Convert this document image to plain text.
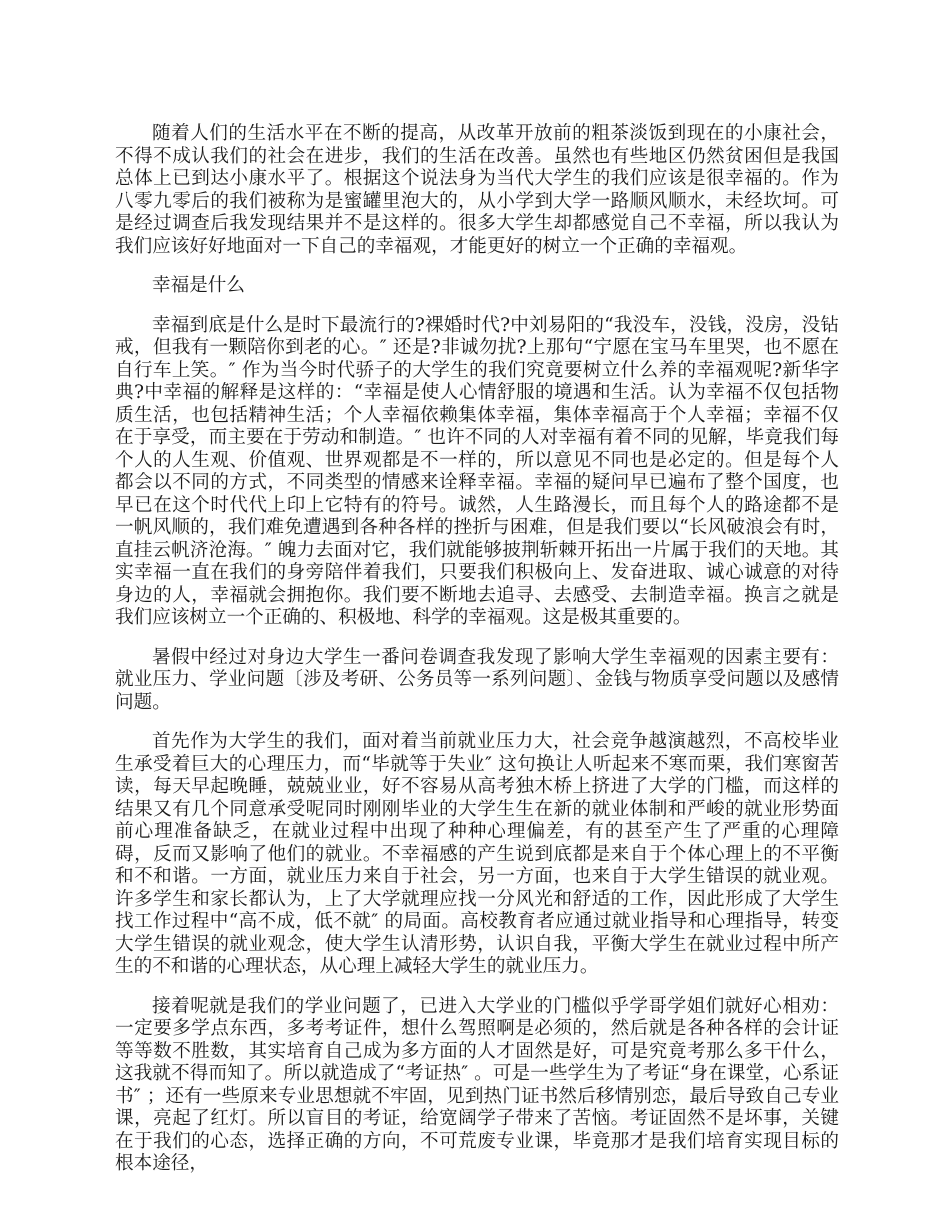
随着人们的生活水平在不断的提高，从改革开放前的粗茶淡饭到现在的小康社会，不得不成认我们的社会在进步，我们的生活在改善。虽然也有些地区仍然贫困但是我国总体上已到达小康水平了。根据这个说法身为当代大学生的我们应该是很幸福的。作为八零九零后的我们被称为是蜜罐里泡大的，从小学到大学一路顺风顺水，未经坎坷。可是经过调查后我发现结果并不是这样的。很多大学生却都感觉自己不幸福，所以我认为我们应该好好地面对一下自己的幸福观，才能更好的树立一个正确的幸福观。

幸福是什么

幸福到底是什么是时下最流行的?裸婚时代?中刘易阳的“我没车，没钱，没房，没钻戒，但我有一颗陪你到老的心。″ 还是?非诚勿扰?上那句“宁愿在宝马车里哭，也不愿在自行车上笑。″ 作为当今时代骄子的大学生的我们究竟要树立什么养的幸福观呢?新华字典?中幸福的解释是这样的：“幸福是使人心情舒服的境遇和生活。认为幸福不仅包括物质生活，也包括精神生活；个人幸福依赖集体幸福，集体幸福高于个人幸福；幸福不仅在于享受，而主要在于劳动和制造。″ 也许不同的人对幸福有着不同的见解，毕竟我们每个人的人生观、价值观、世界观都是不一样的，所以意见不同也是必定的。但是每个人都会以不同的方式，不同类型的情感来诠释幸福。幸福的疑问早已遍布了整个国度，也早已在这个时代代上印上它特有的符号。诚然，人生路漫长，而且每个人的路途都不是一帆风顺的，我们难免遭遇到各种各样的挫折与困难，但是我们要以“长风破浪会有时，直挂云帆济沧海。″ 魄力去面对它，我们就能够披荆斩棘开拓出一片属于我们的天地。其实幸福一直在我们的身旁陪伴着我们，只要我们积极向上、发奋进取、诚心诚意的对待身边的人，幸福就会拥抱你。我们要不断地去追寻、去感受、去制造幸福。换言之就是我们应该树立一个正确的、积极地、科学的幸福观。这是极其重要的。

暑假中经过对身边大学生一番问卷调查我发现了影响大学生幸福观的因素主要有：就业压力、学业问题〔涉及考研、公务员等一系列问题〕、金钱与物质享受问题以及感情问题。

首先作为大学生的我们，面对着当前就业压力大，社会竞争越演越烈，不高校毕业生承受着巨大的心理压力，而“毕就等于失业″ 这句换让人听起来不寒而栗，我们寒窗苦读，每天早起晚睡，兢兢业业，好不容易从高考独木桥上挤进了大学的门槛，而这样的结果又有几个同意承受呢同时刚刚毕业的大学生生在新的就业体制和严峻的就业形势面前心理准备缺乏，在就业过程中出现了种种心理偏差，有的甚至产生了严重的心理障碍，反而又影响了他们的就业。不幸福感的产生说到底都是来自于个体心理上的不平衡和不和谐。一方面，就业压力来自于社会，另一方面，也来自于大学生错误的就业观。许多学生和家长都认为，上了大学就理应找一分风光和舒适的工作，因此形成了大学生找工作过程中“高不成，低不就″ 的局面。高校教育者应通过就业指导和心理指导，转变大学生错误的就业观念，使大学生认清形势，认识自我，平衡大学生在就业过程中所产生的不和谐的心理状态，从心理上减轻大学生的就业压力。

接着呢就是我们的学业问题了，已进入大学业的门槛似乎学哥学姐们就好心相劝：一定要多学点东西，多考考证件，想什么驾照啊是必须的，然后就是各种各样的会计证等等数不胜数，其实培育自己成为多方面的人才固然是好，可是究竟考那么多干什么，这我就不得而知了。所以就造成了“考证热″ 。可是一些学生为了考证“身在课堂，心系证书″ ；还有一些原来专业思想就不牢固，见到热门证书然后移情别恋，最后导致自己专业课，亮起了红灯。所以盲目的考证，给宽阔学子带来了苦恼。考证固然不是坏事，关键在于我们的心态，选择正确的方向，不可荒废专业课，毕竟那才是我们培育实现目标的根本途径，
